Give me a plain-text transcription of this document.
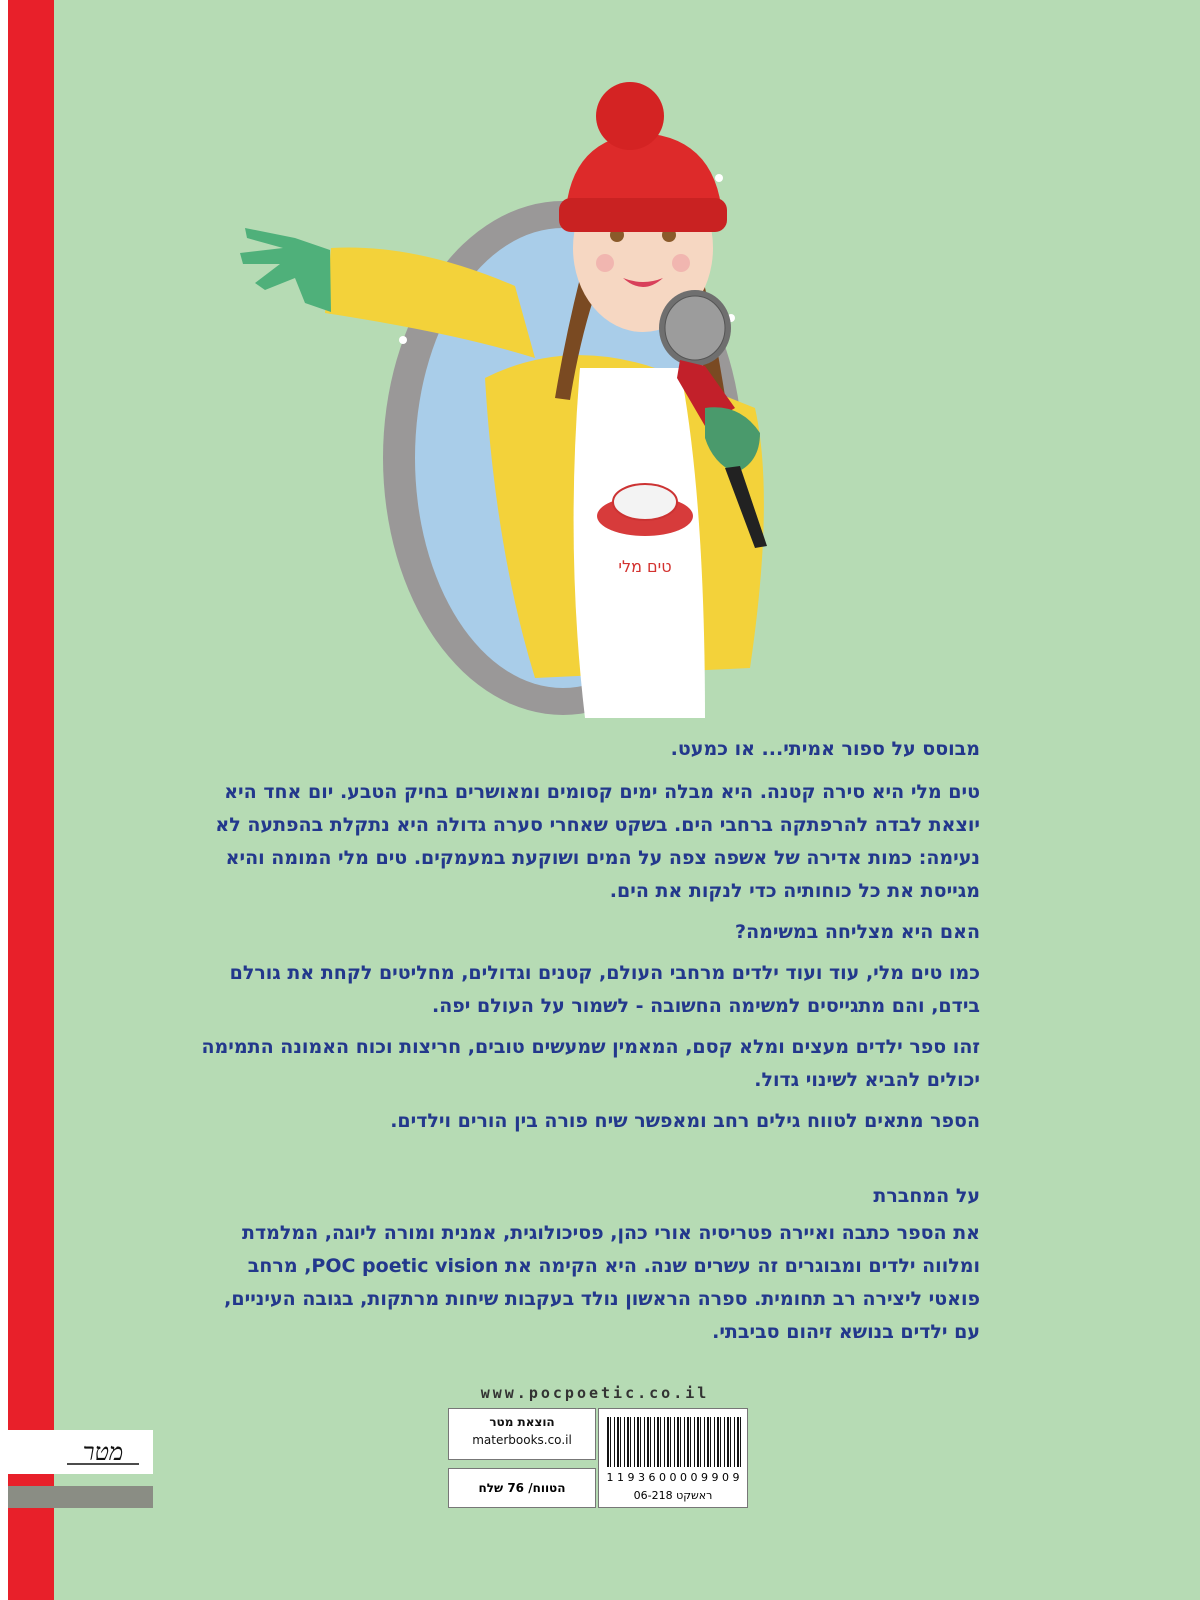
טים מלי

מבוסס על ספור אמיתי... או כמעט.

טים מלי היא סירה קטנה. היא מבלה ימים קסומים ומאושרים בחיק הטבע. יום אחד היא יוצאת לבדה להרפתקה ברחבי הים. בשקט שאחרי סערה גדולה היא נתקלת בהפתעה לא נעימה: כמות אדירה של אשפה צפה על המים ושוקעת במעמקים. טים מלי המומה והיא מגייסת את כל כוחותיה כדי לנקות את הים.

האם היא מצליחה במשימה?

כמו טים מלי, עוד ועוד ילדים מרחבי העולם, קטנים וגדולים, מחליטים לקחת את גורלם בידם, והם מתגייסים למשימה החשובה - לשמור על העולם יפה.

זהו ספר ילדים מעצים ומלא קסם, המאמין שמעשים טובים, חריצות וכוח האמונה התמימה יכולים להביא לשינוי גדול.

הספר מתאים לטווח גילים רחב ומאפשר שיח פורה בין הורים וילדים.

על המחברת

את הספר כתבה ואיירה פטריסיה אורי כהן, פסיכולוגית, אמנית ומורה ליוגה, המלמדת ומלווה ילדים ומבוגרים זה עשרים שנה. היא הקימה את POC poetic vision, מרחב פואטי ליצירה רב תחומית. ספרה הראשון נולד בעקבות שיחות מרתקות, בגובה העיניים, עם ילדים בנושא זיהום סביבתי.

www.pocpoetic.co.il
הוצאת מטר
materbooks.co.il
הטווח/ 76 שלח
1 1 9 3 6 0 0 0 0 9 9 0 9
ראשקט 06-218
מטר
